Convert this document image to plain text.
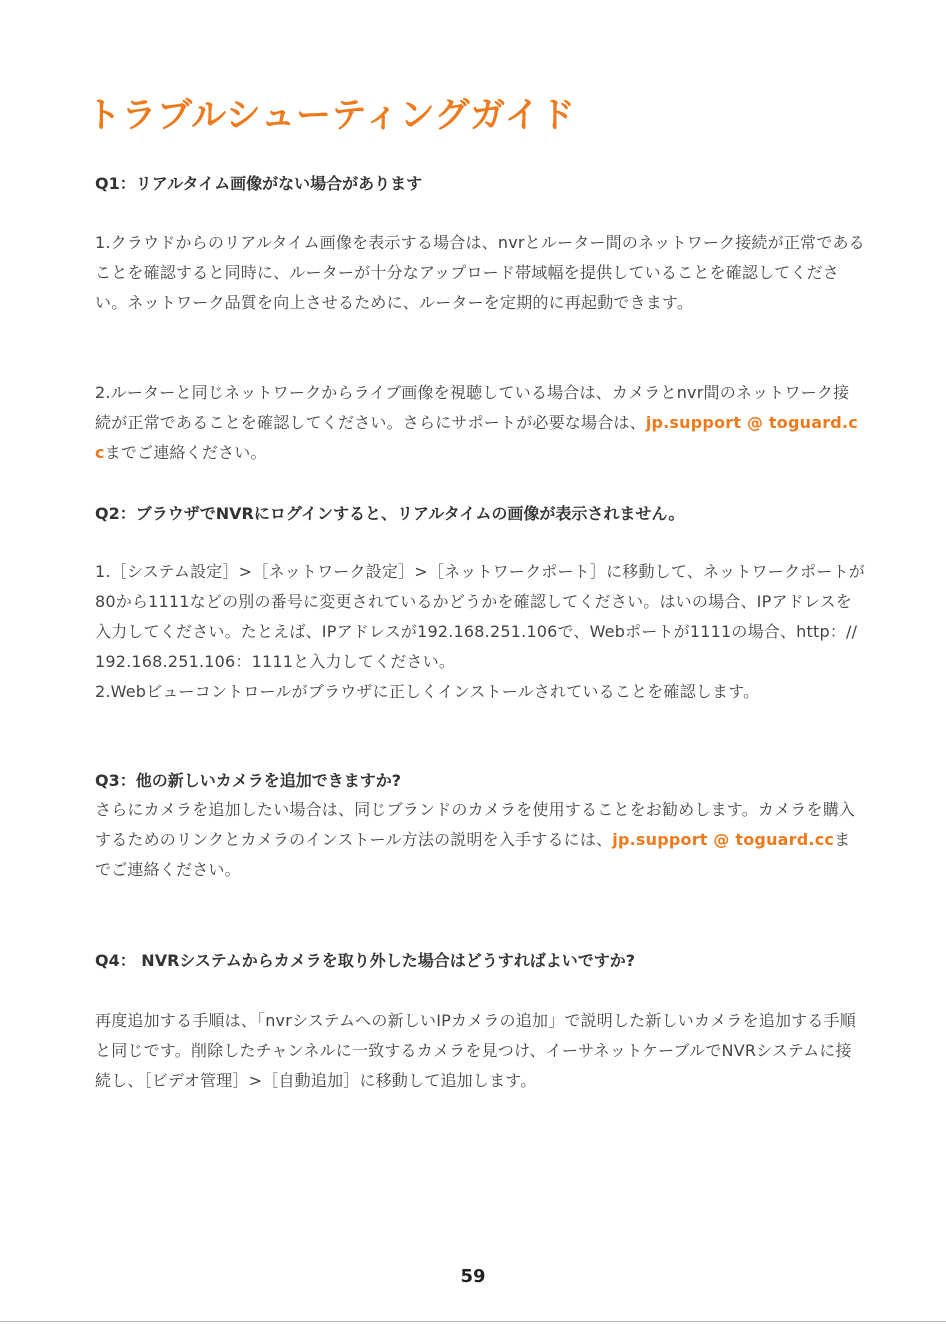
トラブルシューティングガイド
Q1：リアルタイム画像がない場合があります

1.クラウドからのリアルタイム画像を表示する場合は、nvrとルーター間のネットワーク接続が正常であることを確認すると同時に、ルーターが十分なアップロード帯域幅を提供していることを確認してください。ネットワーク品質を向上させるために、ルーターを定期的に再起動できます。

2.ルーターと同じネットワークからライブ画像を視聴している場合は、カメラとnvr間のネットワーク接続が正常であることを確認してください。さらにサポートが必要な場合は、jp.support @ toguard.ccまでご連絡ください。
Q2：ブラウザでNVRにログインすると、リアルタイムの画像が表示されません。

1.［システム設定］>［ネットワーク設定］>［ネットワークポート］に移動して、ネットワークポートが80から1111などの別の番号に変更されているかどうかを確認してください。はいの場合、IPアドレスを入力してください。たとえば、IPアドレスが192.168.251.106で、Webポートが1111の場合、http：//192.168.251.106：1111と入力してください。

2.Webビューコントロールがブラウザに正しくインストールされていることを確認します。

Q3：他の新しいカメラを追加できますか?
さらにカメラを追加したい場合は、同じブランドのカメラを使用することをお勧めします。カメラを購入するためのリンクとカメラのインストール方法の説明を入手するには、jp.support @ toguard.ccまでご連絡ください。
Q4： NVRシステムからカメラを取り外した場合はどうすればよいですか?

再度追加する手順は、「nvrシステムへの新しいIPカメラの追加」で説明した新しいカメラを追加する手順と同じです。削除したチャンネルに一致するカメラを見つけ、イーサネットケーブルでNVRシステムに接続し、［ビデオ管理］>［自動追加］に移動して追加します。

59
